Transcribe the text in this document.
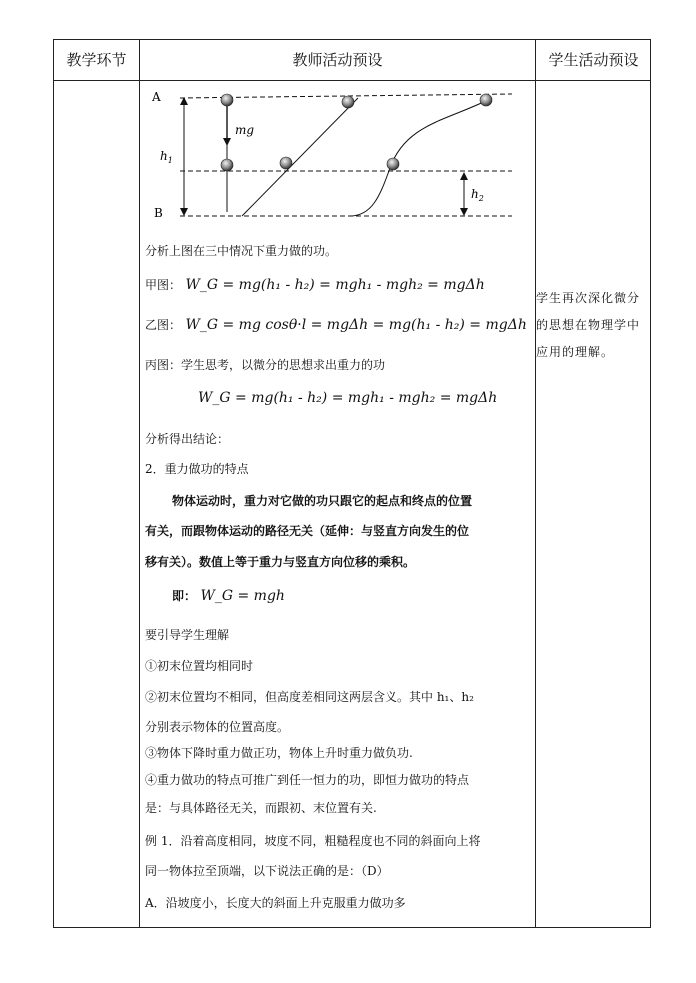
教学环节	教师活动预设	学生活动预设
A
B
mg
$h_1$
$h_2$
分析上图在三中情况下重力做的功。
甲图： W_G = mg(h₁ - h₂) = mgh₁ - mgh₂ = mgΔh
乙图： W_G = mg cosθ·l = mgΔh = mg(h₁ - h₂) = mgΔh
丙图：学生思考，以微分的思想求出重力的功
W_G = mg(h₁ - h₂) = mgh₁ - mgh₂ = mgΔh
分析得出结论：
2．重力做功的特点
物体运动时，重力对它做的功只跟它的起点和终点的位置
有关，而跟物体运动的路径无关（延伸：与竖直方向发生的位
移有关）。数值上等于重力与竖直方向位移的乘积。
即： W_G = mgh
要引导学生理解
①初末位置均相同时
②初末位置均不相同，但高度差相同这两层含义。其中 h₁、h₂
分别表示物体的位置高度。
③物体下降时重力做正功，物体上升时重力做负功.
④重力做功的特点可推广到任一恒力的功，即恒力做功的特点
是：与具体路径无关，而跟初、末位置有关.
例 1．沿着高度相同，坡度不同，粗糙程度也不同的斜面向上将
同一物体拉至顶端，以下说法正确的是：（D）
A．沿坡度小，长度大的斜面上升克服重力做功多
学生再次深化微分的思想在物理学中应用的理解。
